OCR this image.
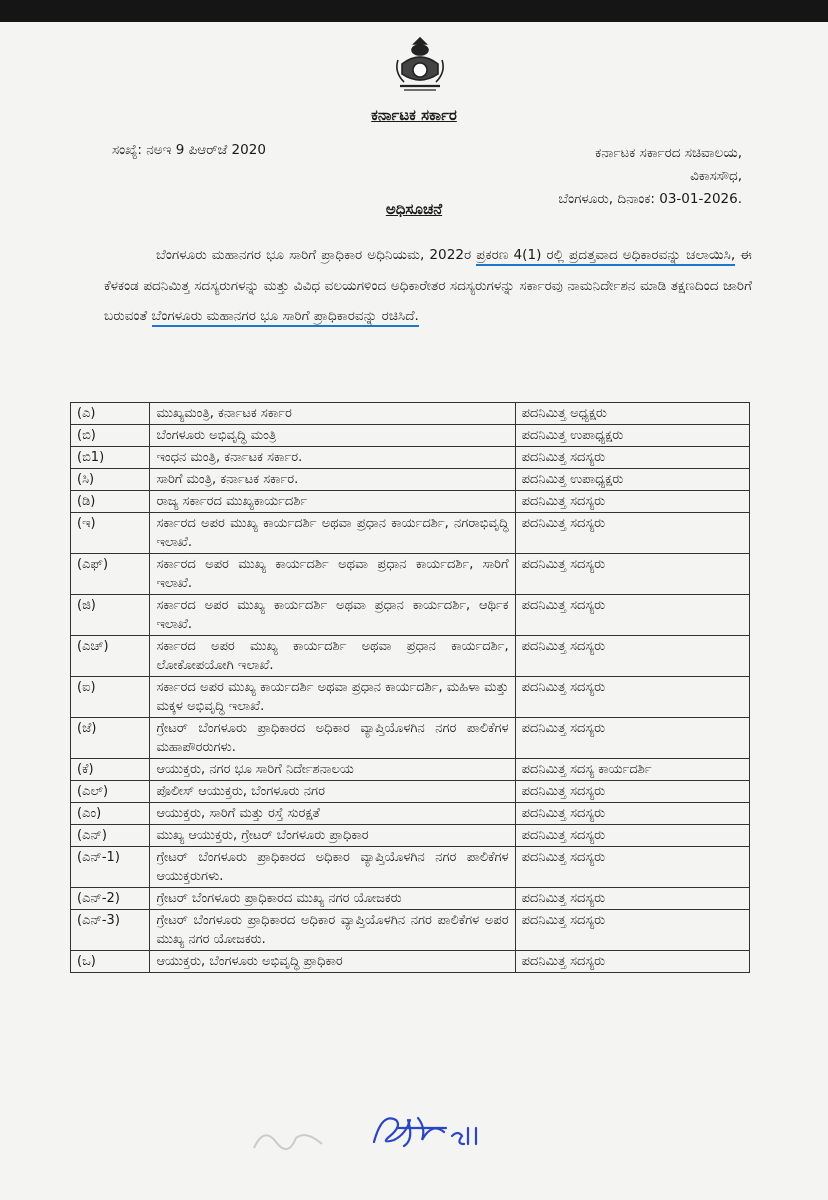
ಕರ್ನಾಟಕ ಸರ್ಕಾರ
ಸಂಖ್ಯೆ: ನಅಇ 9 ಪಿಆರ್‌ಜೆ 2020	ಕರ್ನಾಟಕ ಸರ್ಕಾರದ ಸಚಿವಾಲಯ,
ವಿಕಾಸಸೌಧ,
ಬೆಂಗಳೂರು, ದಿನಾಂಕ: 03-01-2026.
ಅಧಿಸೂಚನೆ
ಬೆಂಗಳೂರು ಮಹಾನಗರ ಭೂ ಸಾರಿಗೆ ಪ್ರಾಧಿಕಾರ ಅಧಿನಿಯಮ, 2022ರ ಪ್ರಕರಣ 4(1) ರಲ್ಲಿ ಪ್ರದತ್ತವಾದ ಅಧಿಕಾರವನ್ನು ಚಲಾಯಿಸಿ, ಈ ಕೆಳಕಂಡ ಪದನಿಮಿತ್ತ ಸದಸ್ಯರುಗಳನ್ನು ಮತ್ತು ವಿವಿಧ ವಲಯಗಳಿಂದ ಅಧಿಕಾರೇತರ ಸದಸ್ಯರುಗಳನ್ನು ಸರ್ಕಾರವು ನಾಮನಿರ್ದೇಶನ ಮಾಡಿ ತಕ್ಷಣದಿಂದ ಜಾರಿಗೆ ಬರುವಂತೆ ಬೆಂಗಳೂರು ಮಹಾನಗರ ಭೂ ಸಾರಿಗೆ ಪ್ರಾಧಿಕಾರವನ್ನು ರಚಿಸಿದೆ.
(ಎ)	ಮುಖ್ಯಮಂತ್ರಿ, ಕರ್ನಾಟಕ ಸರ್ಕಾರ	ಪದನಿಮಿತ್ತ ಅಧ್ಯಕ್ಷರು
(ಬಿ)	ಬೆಂಗಳೂರು ಅಭಿವೃದ್ಧಿ ಮಂತ್ರಿ	ಪದನಿಮಿತ್ತ ಉಪಾಧ್ಯಕ್ಷರು
(ಬಿ1)	ಇಂಧನ ಮಂತ್ರಿ, ಕರ್ನಾಟಕ ಸರ್ಕಾರ.	ಪದನಿಮಿತ್ತ ಸದಸ್ಯರು
(ಸಿ)	ಸಾರಿಗೆ ಮಂತ್ರಿ, ಕರ್ನಾಟಕ ಸರ್ಕಾರ.	ಪದನಿಮಿತ್ತ ಉಪಾಧ್ಯಕ್ಷರು
(ಡಿ)	ರಾಜ್ಯ ಸರ್ಕಾರದ ಮುಖ್ಯಕಾರ್ಯದರ್ಶಿ	ಪದನಿಮಿತ್ತ ಸದಸ್ಯರು
(ಇ)	ಸರ್ಕಾರದ ಅಪರ ಮುಖ್ಯ ಕಾರ್ಯದರ್ಶಿ ಅಥವಾ ಪ್ರಧಾನ ಕಾರ್ಯದರ್ಶಿ, ನಗರಾಭಿವೃದ್ಧಿ ಇಲಾಖೆ.	ಪದನಿಮಿತ್ತ ಸದಸ್ಯರು
(ಎಫ್)	ಸರ್ಕಾರದ ಅಪರ ಮುಖ್ಯ ಕಾರ್ಯದರ್ಶಿ ಅಥವಾ ಪ್ರಧಾನ ಕಾರ್ಯದರ್ಶಿ, ಸಾರಿಗೆ ಇಲಾಖೆ.	ಪದನಿಮಿತ್ತ ಸದಸ್ಯರು
(ಜಿ)	ಸರ್ಕಾರದ ಅಪರ ಮುಖ್ಯ ಕಾರ್ಯದರ್ಶಿ ಅಥವಾ ಪ್ರಧಾನ ಕಾರ್ಯದರ್ಶಿ, ಆರ್ಥಿಕ ಇಲಾಖೆ.	ಪದನಿಮಿತ್ತ ಸದಸ್ಯರು
(ಎಚ್)	ಸರ್ಕಾರದ ಅಪರ ಮುಖ್ಯ ಕಾರ್ಯದರ್ಶಿ ಅಥವಾ ಪ್ರಧಾನ ಕಾರ್ಯದರ್ಶಿ, ಲೋಕೋಪಯೋಗಿ ಇಲಾಖೆ.	ಪದನಿಮಿತ್ತ ಸದಸ್ಯರು
(ಐ)	ಸರ್ಕಾರದ ಅಪರ ಮುಖ್ಯ ಕಾರ್ಯದರ್ಶಿ ಅಥವಾ ಪ್ರಧಾನ ಕಾರ್ಯದರ್ಶಿ, ಮಹಿಳಾ ಮತ್ತು ಮಕ್ಕಳ ಅಭಿವೃದ್ಧಿ ಇಲಾಖೆ.	ಪದನಿಮಿತ್ತ ಸದಸ್ಯರು
(ಜೆ)	ಗ್ರೇಟರ್ ಬೆಂಗಳೂರು ಪ್ರಾಧಿಕಾರದ ಅಧಿಕಾರ ವ್ಯಾಪ್ತಿಯೊಳಗಿನ ನಗರ ಪಾಲಿಕೆಗಳ ಮಹಾಪೌರರುಗಳು.	ಪದನಿಮಿತ್ತ ಸದಸ್ಯರು
(ಕೆ)	ಆಯುಕ್ತರು, ನಗರ ಭೂ ಸಾರಿಗೆ ನಿರ್ದೇಶನಾಲಯ	ಪದನಿಮಿತ್ತ ಸದಸ್ಯ ಕಾರ್ಯದರ್ಶಿ
(ಎಲ್)	ಪೊಲೀಸ್ ಆಯುಕ್ತರು, ಬೆಂಗಳೂರು ನಗರ	ಪದನಿಮಿತ್ತ ಸದಸ್ಯರು
(ಎಂ)	ಆಯುಕ್ತರು, ಸಾರಿಗೆ ಮತ್ತು ರಸ್ತೆ ಸುರಕ್ಷತೆ	ಪದನಿಮಿತ್ತ ಸದಸ್ಯರು
(ಎನ್)	ಮುಖ್ಯ ಆಯುಕ್ತರು, ಗ್ರೇಟರ್ ಬೆಂಗಳೂರು ಪ್ರಾಧಿಕಾರ	ಪದನಿಮಿತ್ತ ಸದಸ್ಯರು
(ಎನ್-1)	ಗ್ರೇಟರ್ ಬೆಂಗಳೂರು ಪ್ರಾಧಿಕಾರದ ಅಧಿಕಾರ ವ್ಯಾಪ್ತಿಯೊಳಗಿನ ನಗರ ಪಾಲಿಕೆಗಳ ಆಯುಕ್ತರುಗಳು.	ಪದನಿಮಿತ್ತ ಸದಸ್ಯರು
(ಎನ್-2)	ಗ್ರೇಟರ್ ಬೆಂಗಳೂರು ಪ್ರಾಧಿಕಾರದ ಮುಖ್ಯ ನಗರ ಯೋಜಕರು	ಪದನಿಮಿತ್ತ ಸದಸ್ಯರು
(ಎನ್-3)	ಗ್ರೇಟರ್ ಬೆಂಗಳೂರು ಪ್ರಾಧಿಕಾರದ ಅಧಿಕಾರ ವ್ಯಾಪ್ತಿಯೊಳಗಿನ ನಗರ ಪಾಲಿಕೆಗಳ ಅಪರ ಮುಖ್ಯ ನಗರ ಯೋಜಕರು.	ಪದನಿಮಿತ್ತ ಸದಸ್ಯರು
(ಒ)	ಆಯುಕ್ತರು, ಬೆಂಗಳೂರು ಅಭಿವೃದ್ಧಿ ಪ್ರಾಧಿಕಾರ	ಪದನಿಮಿತ್ತ ಸದಸ್ಯರು
